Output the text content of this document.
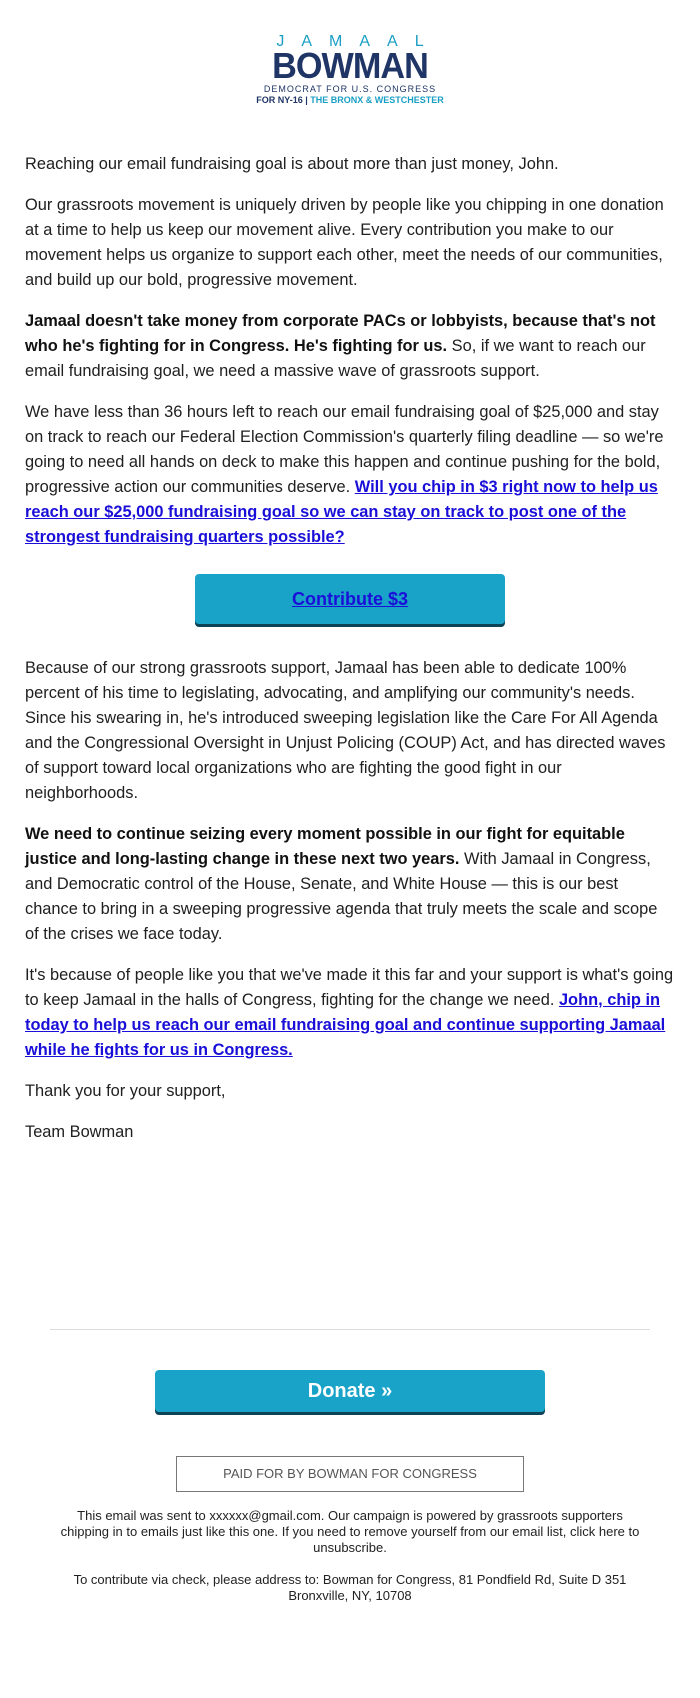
JAMAAL
BOWMAN
DEMOCRAT FOR U.S. CONGRESS
FOR NY-16 | THE BRONX & WESTCHESTER

Reaching our email fundraising goal is about more than just money, John.

Our grassroots movement is uniquely driven by people like you chipping in one donation at a time to help us keep our movement alive. Every contribution you make to our movement helps us organize to support each other, meet the needs of our communities, and build up our bold, progressive movement.

Jamaal doesn't take money from corporate PACs or lobbyists, because that's not who he's fighting for in Congress. He's fighting for us. So, if we want to reach our email fundraising goal, we need a massive wave of grassroots support.

We have less than 36 hours left to reach our email fundraising goal of $25,000 and stay on track to reach our Federal Election Commission's quarterly filing deadline — so we're going to need all hands on deck to make this happen and continue pushing for the bold, progressive action our communities deserve. Will you chip in $3 right now to help us reach our $25,000 fundraising goal so we can stay on track to post one of the strongest fundraising quarters possible?

Contribute $3

Because of our strong grassroots support, Jamaal has been able to dedicate 100% percent of his time to legislating, advocating, and amplifying our community's needs. Since his swearing in, he's introduced sweeping legislation like the Care For All Agenda and the Congressional Oversight in Unjust Policing (COUP) Act, and has directed waves of support toward local organizations who are fighting the good fight in our neighborhoods.

We need to continue seizing every moment possible in our fight for equitable justice and long-lasting change in these next two years. With Jamaal in Congress, and Democratic control of the House, Senate, and White House — this is our best chance to bring in a sweeping progressive agenda that truly meets the scale and scope of the crises we face today.

It's because of people like you that we've made it this far and your support is what's going to keep Jamaal in the halls of Congress, fighting for the change we need. John, chip in today to help us reach our email fundraising goal and continue supporting Jamaal while he fights for us in Congress.

Thank you for your support,

Team Bowman

Donate »
PAID FOR BY BOWMAN FOR CONGRESS

This email was sent to xxxxxx@gmail.com. Our campaign is powered by grassroots supporters chipping in to emails just like this one. If you need to remove yourself from our email list, click here to unsubscribe.

To contribute via check, please address to: Bowman for Congress, 81 Pondfield Rd, Suite D 351 Bronxville, NY, 10708
